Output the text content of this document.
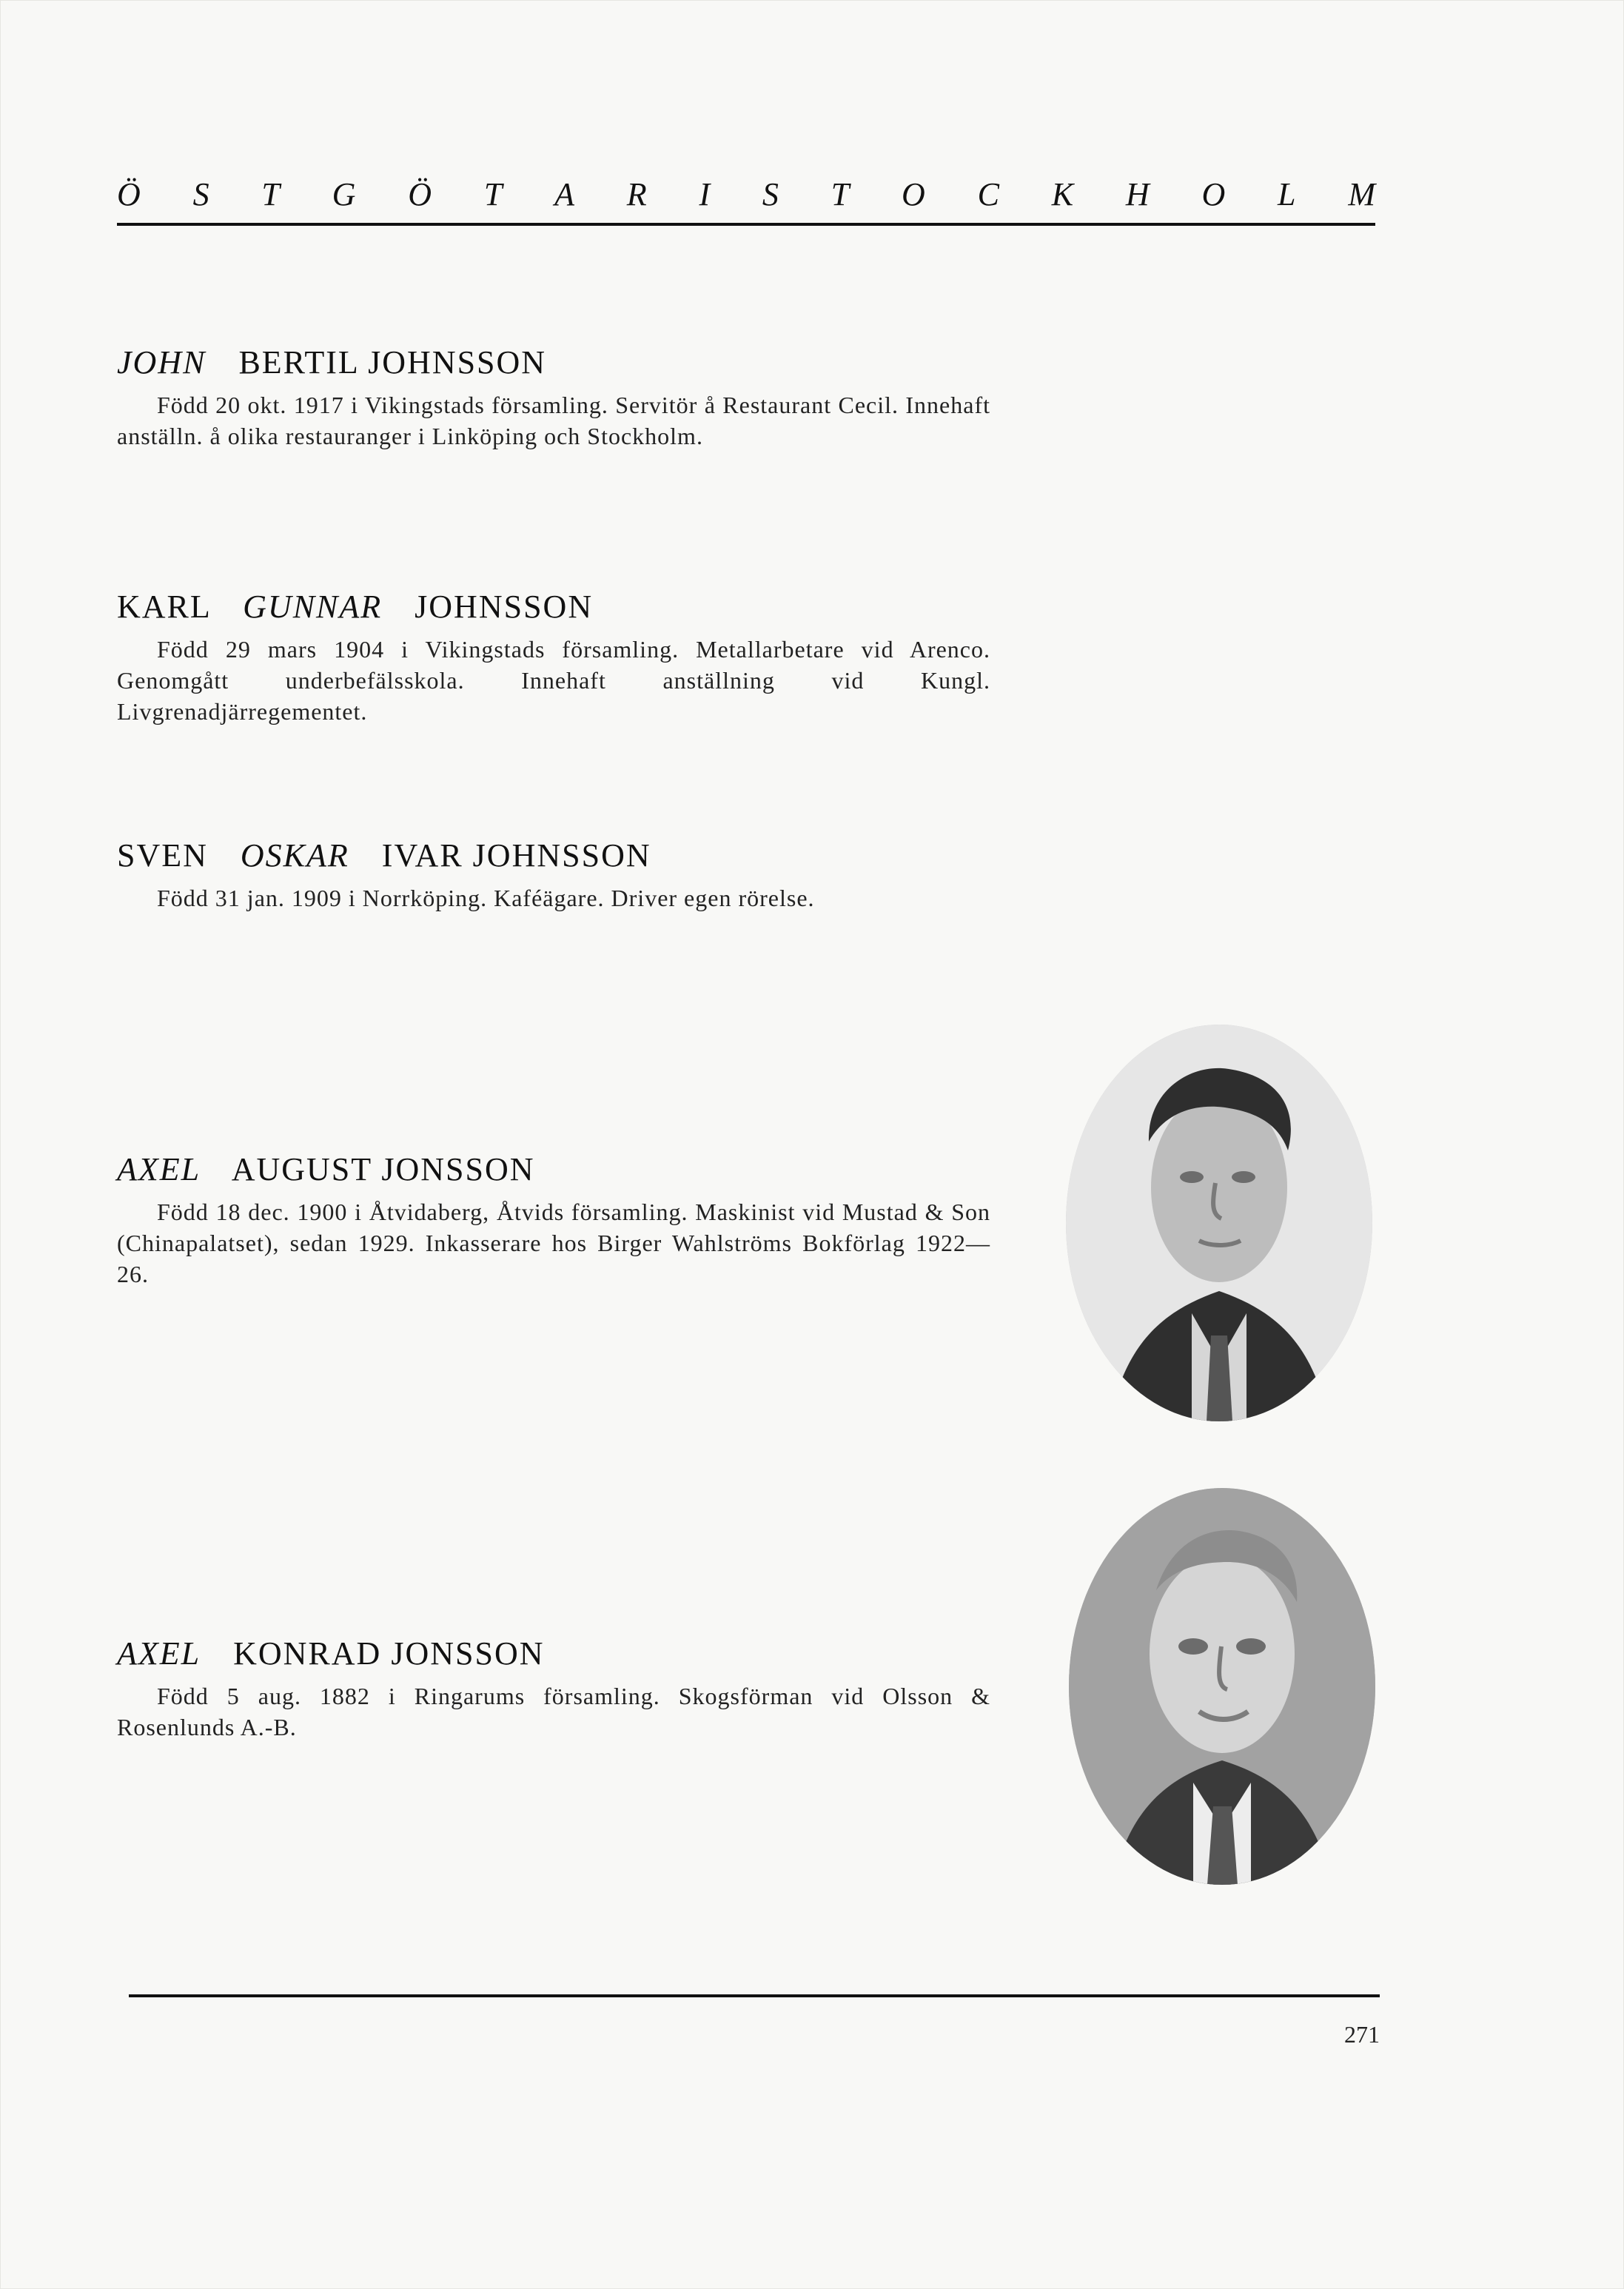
Ö S T G Ö T A R I S T O C K H O L M
JOHN BERTIL JOHNSSON

Född 20 okt. 1917 i Vikingstads församling. Servitör å Restaurant Cecil. Innehaft anställn. å olika restauranger i Linköping och Stockholm.

KARL GUNNAR JOHNSSON

Född 29 mars 1904 i Vikingstads församling. Metallarbetare vid Arenco. Genomgått underbefälsskola. Innehaft anställning vid Kungl. Livgrenadjärregementet.

SVEN OSKAR IVAR JOHNSSON

Född 31 jan. 1909 i Norrköping. Kaféägare. Driver egen rörelse.

AXEL AUGUST JONSSON

Född 18 dec. 1900 i Åtvidaberg, Åtvids församling. Maskinist vid Mustad & Son (Chinapalatset), sedan 1929. Inkasserare hos Birger Wahlströms Bokförlag 1922—26.

AXEL KONRAD JONSSON

Född 5 aug. 1882 i Ringarums församling. Skogsförman vid Olsson & Rosenlunds A.-B.

271
